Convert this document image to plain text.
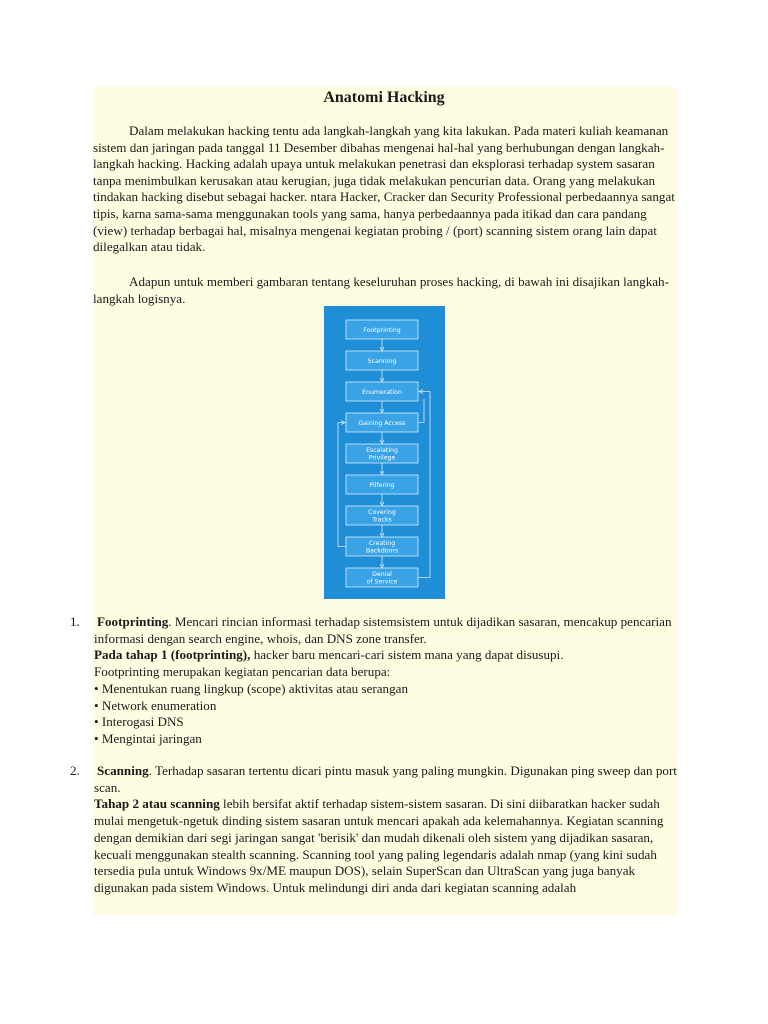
Anatomi Hacking
Dalam melakukan hacking tentu ada langkah-langkah yang kita lakukan. Pada materi kuliah keamanan sistem dan jaringan pada tanggal 11 Desember dibahas mengenai hal-hal yang berhubungan dengan langkah-langkah hacking. Hacking adalah upaya untuk melakukan penetrasi dan eksplorasi terhadap system sasaran tanpa menimbulkan kerusakan atau kerugian, juga tidak melakukan pencurian data. Orang yang melakukan tindakan hacking disebut sebagai hacker. ntara Hacker, Cracker dan Security Professional perbedaannya sangat tipis, karna sama-sama menggunakan tools yang sama, hanya perbedaannya pada itikad dan cara pandang (view) terhadap berbagai hal, misalnya mengenai kegiatan probing / (port) scanning sistem orang lain dapat dilegalkan atau tidak.
Adapun untuk memberi gambaran tentang keseluruhan proses hacking, di bawah ini disajikan langkah-langkah logisnya.
Footprinting
Scanning
Enumeration
Gaining Access
Escalating
Privilege
Pilfering
Covering
Tracks
Creating
Backdoors
Denial
of Service
1. Footprinting. Mencari rincian informasi terhadap sistemsistem untuk dijadikan sasaran, mencakup pencarian informasi dengan search engine, whois, dan DNS zone transfer.
Pada tahap 1 (footprinting), hacker baru mencari-cari sistem mana yang dapat disusupi.
Footprinting merupakan kegiatan pencarian data berupa:
• Menentukan ruang lingkup (scope) aktivitas atau serangan
• Network enumeration
• Interogasi DNS
• Mengintai jaringan
2. Scanning. Terhadap sasaran tertentu dicari pintu masuk yang paling mungkin. Digunakan ping sweep dan port scan.
Tahap 2 atau scanning lebih bersifat aktif terhadap sistem-sistem sasaran. Di sini diibaratkan hacker sudah mulai mengetuk-ngetuk dinding sistem sasaran untuk mencari apakah ada kelemahannya. Kegiatan scanning dengan demikian dari segi jaringan sangat 'berisik' dan mudah dikenali oleh sistem yang dijadikan sasaran, kecuali menggunakan stealth scanning. Scanning tool yang paling legendaris adalah nmap (yang kini sudah tersedia pula untuk Windows 9x/ME maupun DOS), selain SuperScan dan UltraScan yang juga banyak digunakan pada sistem Windows. Untuk melindungi diri anda dari kegiatan scanning adalah
